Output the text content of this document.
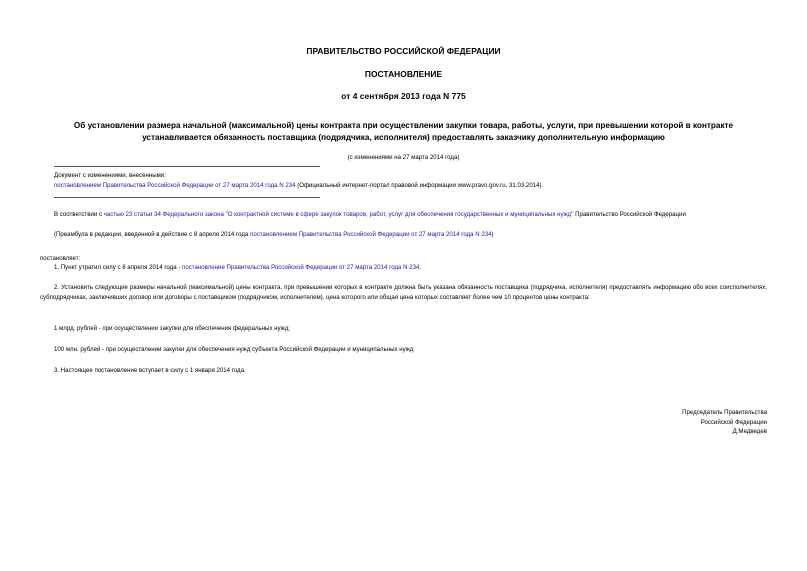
ПРАВИТЕЛЬСТВО РОССИЙСКОЙ ФЕДЕРАЦИИ
ПОСТАНОВЛЕНИЕ
от 4 сентября 2013 года N 775
Об установлении размера начальной (максимальной) цены контракта при осуществлении закупки товара, работы, услуги, при превышении которой в контракте
устанавливается обязанность поставщика (подрядчика, исполнителя) предоставлять заказчику дополнительную информацию
(с изменениями на 27 марта 2014 года)
Документ с изменениями, внесенными:
постановлением Правительства Российской Федерации от 27 марта 2014 года N 234 (Официальный интернет-портал правовой информации www.pravo.gov.ru, 31.03.2014).
В соответствии с частью 23 статьи 34 Федерального закона "О контрактной системе в сфере закупок товаров, работ, услуг для обеспечения государственных и муниципальных нужд" Правительство Российской Федерации
(Преамбула в редакции, введенной в действие с 8 апреля 2014 года постановлением Правительства Российской Федерации от 27 марта 2014 года N 234)
постановляет:
1. Пункт утратил силу с 8 апреля 2014 года - постановление Правительства Российской Федерации от 27 марта 2014 года N 234.
2. Установить следующие размеры начальной (максимальной) цены контракта, при превышении которых в контракте должна быть указана обязанность поставщика (подрядчика, исполнителя) предоставлять информацию обо всех соисполнителях, субподрядчиках, заключивших договор или договоры с поставщиком (подрядчиком, исполнителем), цена которого или общая цена которых составляет более чем 10 процентов цены контракта:
1 млрд. рублей - при осуществлении закупки для обеспечения федеральных нужд;
100 млн. рублей - при осуществлении закупки для обеспечения нужд субъекта Российской Федерации и муниципальных нужд.
3. Настоящее постановление вступает в силу с 1 января 2014 года.
Председатель Правительства
Российской Федерации
Д.Медведев
